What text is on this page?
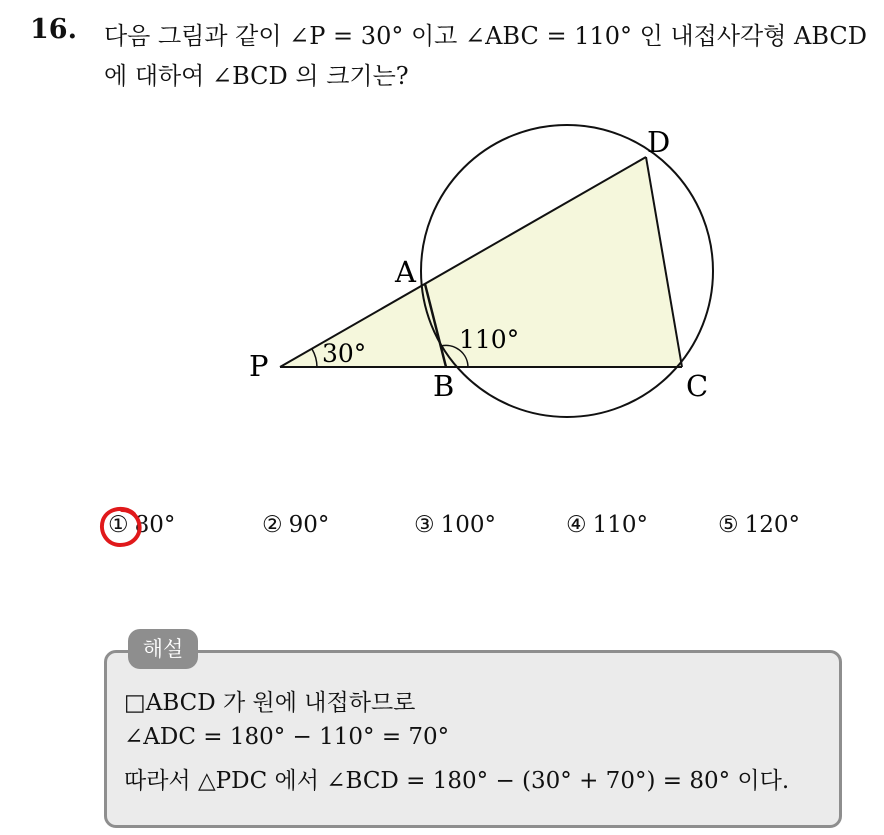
16. 다음 그림과 같이 ∠P = 30° 이고 ∠ABC = 110° 인 내접사각형 ABCD
에 대하여 ∠BCD 의 크기는?
P
A
B	C
D
30°	110°
① 80°	② 90°	③ 100°	④ 110°	⑤ 120°
해설
□ABCD 가 원에 내접하므로
∠ADC = 180° − 110° = 70°
따라서 △PDC 에서 ∠BCD = 180° − (30° + 70°) = 80° 이다.
